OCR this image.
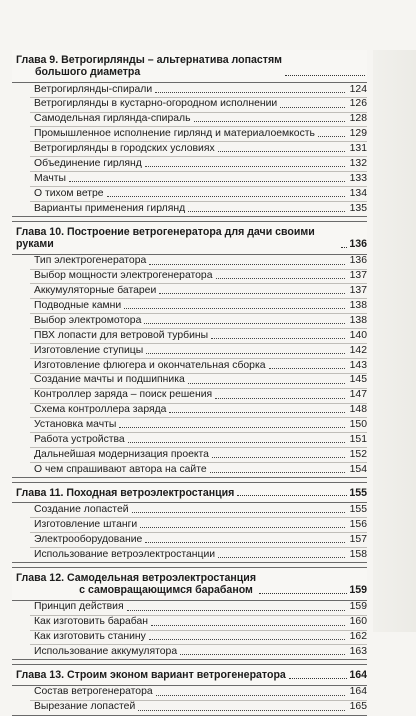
Глава 9. Ветрогирлянды – альтернатива лопастям
большого диаметра
Ветрогирлянды-спирали	124
Ветрогирлянды в кустарно-огородном исполнении	126
Самодельная гирлянда-спираль	128
Промышленное исполнение гирлянд и материалоемкость	129
Ветрогирлянды в городских условиях	131
Объединение гирлянд	132
Мачты	133
О тихом ветре	134
Варианты применения гирлянд	135
Глава 10. Построение ветрогенератора для дачи своими руками	136
Тип электрогенератора	136
Выбор мощности электрогенератора	137
Аккумуляторные батареи	137
Подводные камни	138
Выбор электромотора	138
ПВХ лопасти для ветровой турбины	140
Изготовление ступицы	142
Изготовление флюгера и окончательная сборка	143
Создание мачты и подшипника	145
Контроллер заряда – поиск решения	147
Схема контроллера заряда	148
Установка мачты	150
Работа устройства	151
Дальнейшая модернизация проекта	152
О чем спрашивают автора на сайте	154
Глава 11. Походная ветроэлектростанция	155
Создание лопастей	155
Изготовление штанги	156
Электрооборудование	157
Использование ветроэлектростанции	158
Глава 12. Самодельная ветроэлектростанция
с самовращающимся барабаном	159
Принцип действия	159
Как изготовить барабан	160
Как изготовить станину	162
Использование аккумулятора	163
Глава 13. Строим эконом вариант ветрогенератора	164
Состав ветрогенератора	164
Вырезание лопастей	165
